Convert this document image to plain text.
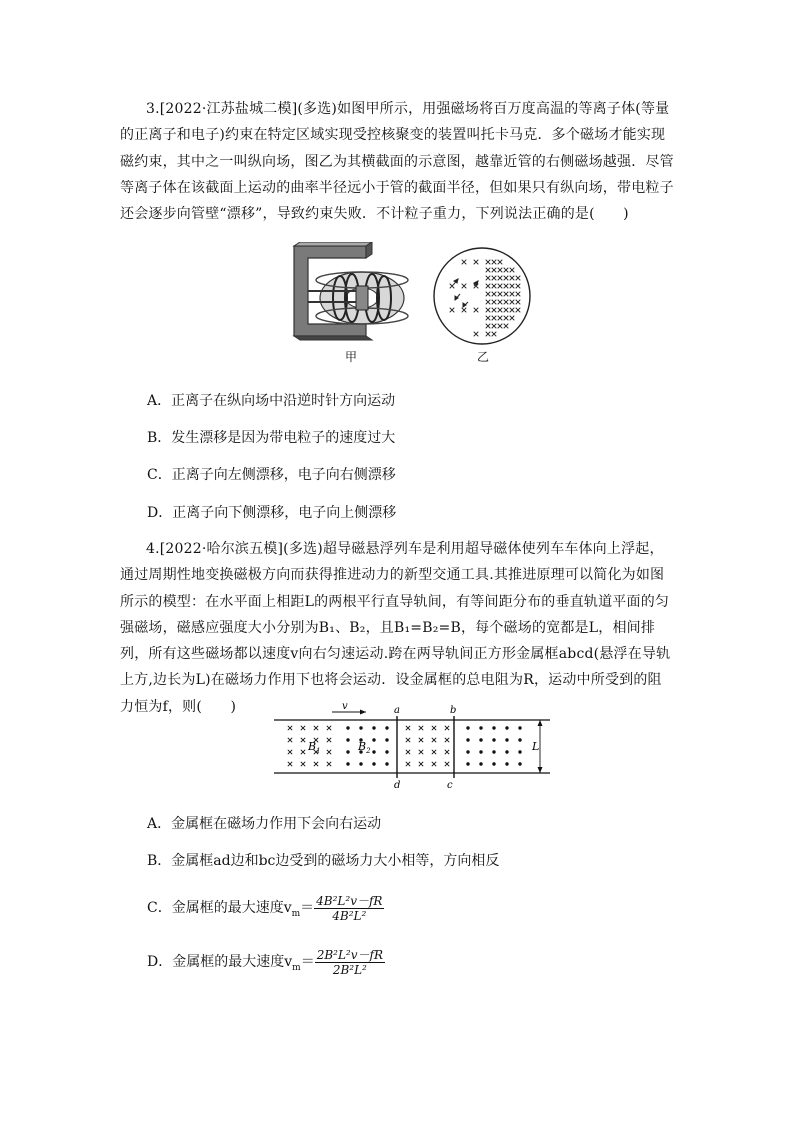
3.[2022·江苏盐城二模](多选)如图甲所示，用强磁场将百万度高温的等离子体(等量的正离子和电子)约束在特定区域实现受控核聚变的装置叫托卡马克．多个磁场才能实现磁约束，其中之一叫纵向场，图乙为其横截面的示意图，越靠近管的右侧磁场越强．尽管等离子体在该截面上运动的曲率半径远小于管的截面半径，但如果只有纵向场，带电粒子还会逐步向管壁“漂移”，导致约束失败．不计粒子重力，下列说法正确的是(　　)
甲	乙
A．正离子在纵向场中沿逆时针方向运动
B．发生漂移是因为带电粒子的速度过大
C．正离子向左侧漂移，电子向右侧漂移
D．正离子向下侧漂移，电子向上侧漂移
4.[2022·哈尔滨五模](多选)超导磁悬浮列车是利用超导磁体使列车车体向上浮起，通过周期性地变换磁极方向而获得推进动力的新型交通工具.其推进原理可以简化为如图所示的模型：在水平面上相距L的两根平行直导轨间，有等间距分布的垂直轨道平面的匀强磁场，磁感应强度大小分别为B₁、B₂，且B₁=B₂=B，每个磁场的宽都是L，相间排列，所有这些磁场都以速度v向右匀速运动.跨在两导轨间正方形金属框abcd(悬浮在导轨上方,边长为L)在磁场力作用下也将会运动．设金属框的总电阻为R，运动中所受到的阻力恒为f，则(　　)	v	a	b
d	c
$B_1$	$B_2$	L
A．金属框在磁场力作用下会向右运动
B．金属框ad边和bc边受到的磁场力大小相等，方向相反
C．金属框的最大速度$v_m= \frac{\text{4B²L²v－fR}}{\text{4B²L²}}$
D．金属框的最大速度$v_m= \frac{\text{2B²L²v－fR}}{\text{2B²L²}}$
